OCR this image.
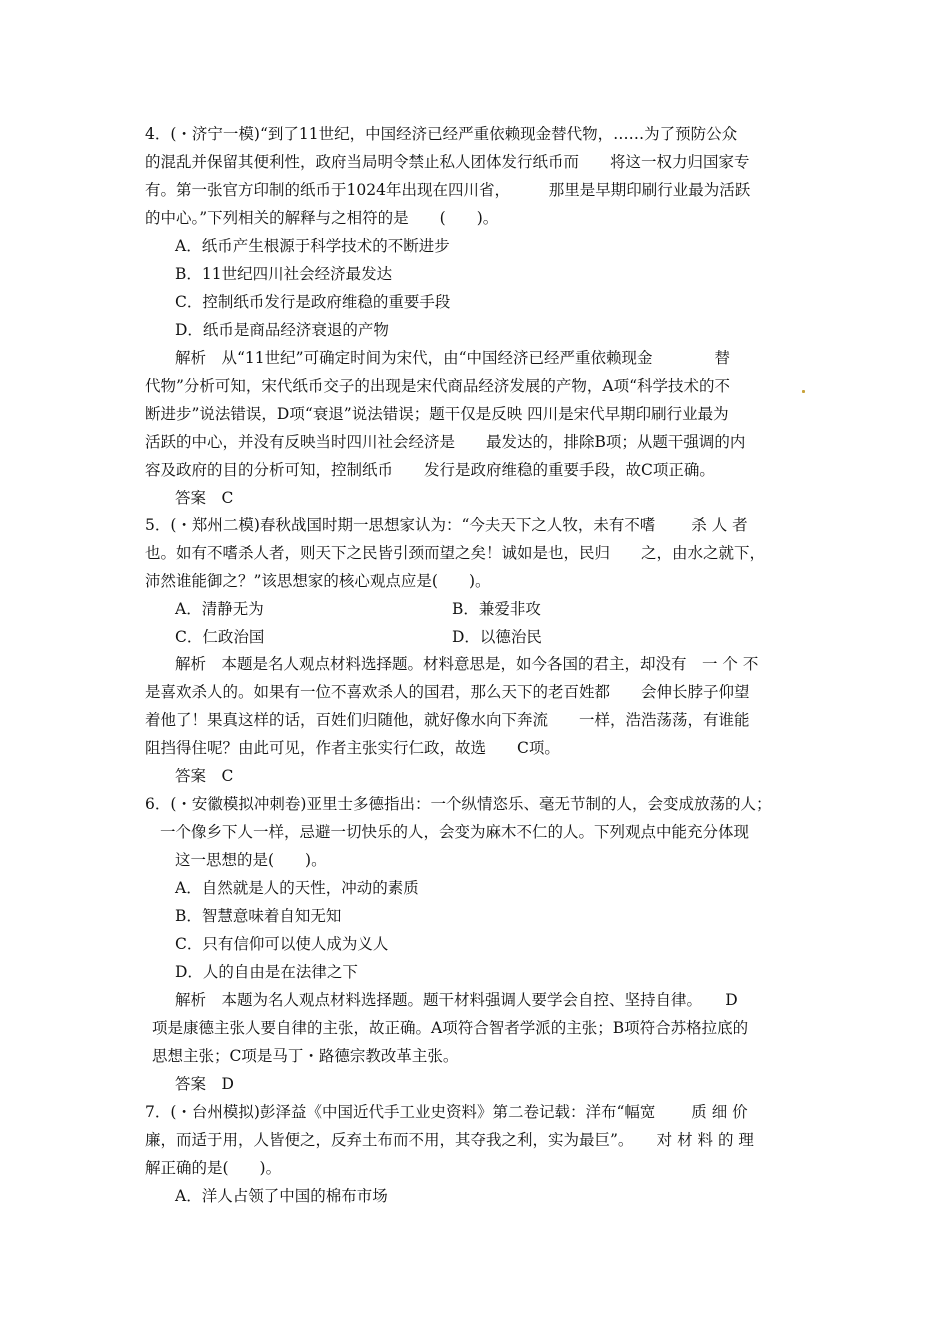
4．(・济宁一模)“到了11世纪，中国经济已经严重依赖现金替代物，……为了预防公众

的混乱并保留其便利性，政府当局明令禁止私人团体发行纸币而　　将这一权力归国家专

有。第一张官方印制的纸币于1024年出现在四川省，　　　那里是早期印刷行业最为活跃

的中心。”下列相关的解释与之相符的是　　(　　)。

A．纸币产生根源于科学技术的不断进步

B．11世纪四川社会经济最发达

C．控制纸币发行是政府维稳的重要手段

D．纸币是商品经济衰退的产物

解析　从“11世纪”可确定时间为宋代，由“中国经济已经严重依赖现金　　　　替

代物”分析可知，宋代纸币交子的出现是宋代商品经济发展的产物，A项“科学技术的不

断进步”说法错误，D项“衰退”说法错误；题干仅是反映 四川是宋代早期印刷行业最为

活跃的中心，并没有反映当时四川社会经济是　　最发达的，排除B项；从题干强调的内

容及政府的目的分析可知，控制纸币　　发行是政府维稳的重要手段，故C项正确。

答案　C

5．(・郑州二模)春秋战国时期一思想家认为：“今夫天下之人牧，未有不嗜　　 杀 人 者

也。如有不嗜杀人者，则天下之民皆引颈而望之矣！诚如是也，民归　　之，由水之就下，

沛然谁能御之？”该思想家的核心观点应是(　　)。

A．清静无为	B．兼爱非攻

C．仁政治国	D．以德治民

解析　本题是名人观点材料选择题。材料意思是，如今各国的君主，却没有　一 个 不

是喜欢杀人的。如果有一位不喜欢杀人的国君，那么天下的老百姓都　　会伸长脖子仰望

着他了！果真这样的话，百姓们归随他，就好像水向下奔流　　一样，浩浩荡荡，有谁能

阻挡得住呢？由此可见，作者主张实行仁政，故选　　C项。

答案　C

6．(・安徽模拟冲刺卷)亚里士多德指出：一个纵情恣乐、毫无节制的人，会变成放荡的人；

一个像乡下人一样，忌避一切快乐的人，会变为麻木不仁的人。下列观点中能充分体现

这一思想的是(　　)。

A．自然就是人的天性，冲动的素质

B．智慧意味着自知无知

C．只有信仰可以使人成为义人

D．人的自由是在法律之下

解析　本题为名人观点材料选择题。题干材料强调人要学会自控、坚持自律。　　D

项是康德主张人要自律的主张，故正确。A项符合智者学派的主张；B项符合苏格拉底的

思想主张；C项是马丁・路德宗教改革主张。

答案　D

7．(・台州模拟)彭泽益《中国近代手工业史资料》第二卷记载：洋布“幅宽　　 质 细 价

廉，而适于用，人皆便之，反弃土布而不用，其夺我之利，实为最巨”。　　对 材 料 的 理

解正确的是(　　)。

A．洋人占领了中国的棉布市场
